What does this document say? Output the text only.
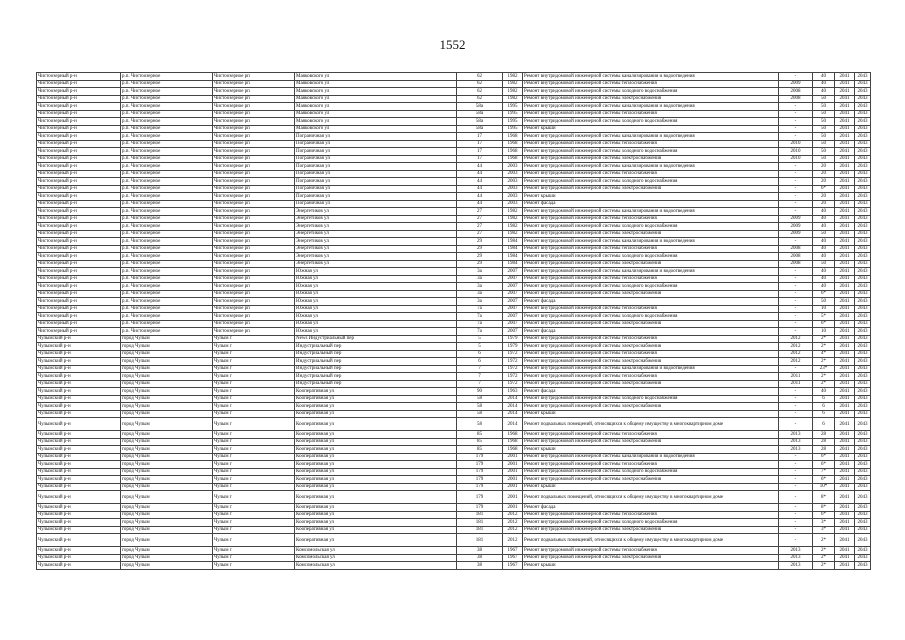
1552
Чистоозерный р-н	р.п. Чистоозерное	Чистоозерное рп	Маяковского ул	62	1982	Ремонт внутридомовой инженерной системы канализирования и водоотведения	-	40	2041	2043
Чистоозерный р-н	р.п. Чистоозерное	Чистоозерное рп	Маяковского ул	62	1982	Ремонт внутридомовой инженерной системы теплоснабжения	2009	40	2041	2043
Чистоозерный р-н	р.п. Чистоозерное	Чистоозерное рп	Маяковского ул	62	1982	Ремонт внутридомовой инженерной системы холодного водоснабжения	2008	40	2041	2043
Чистоозерный р-н	р.п. Чистоозерное	Чистоозерное рп	Маяковского ул	62	1982	Ремонт внутридомовой инженерной системы электроснабжения	2008	50	2041	2043
Чистоозерный р-н	р.п. Чистоозерное	Чистоозерное рп	Маяковского ул	58а	1995	Ремонт внутридомовой инженерной системы канализирования и водоотведения	-	50	2041	2043
Чистоозерный р-н	р.п. Чистоозерное	Чистоозерное рп	Маяковского ул	58а	1995	Ремонт внутридомовой инженерной системы теплоснабжения	-	50	2041	2043
Чистоозерный р-н	р.п. Чистоозерное	Чистоозерное рп	Маяковского ул	58а	1995	Ремонт внутридомовой инженерной системы холодного водоснабжения	-	50	2041	2043
Чистоозерный р-н	р.п. Чистоозерное	Чистоозерное рп	Маяковского ул	58а	1995	Ремонт крыши	-	50	2041	2043
Чистоозерный р-н	р.п. Чистоозерное	Чистоозерное рп	Пограничная ул	17	1968	Ремонт внутридомовой инженерной системы канализирования и водоотведения	-	50	2041	2043
Чистоозерный р-н	р.п. Чистоозерное	Чистоозерное рп	Пограничная ул	17	1968	Ремонт внутридомовой инженерной системы теплоснабжения	2010	50	2041	2043
Чистоозерный р-н	р.п. Чистоозерное	Чистоозерное рп	Пограничная ул	17	1968	Ремонт внутридомовой инженерной системы холодного водоснабжения	2010	50	2041	2043
Чистоозерный р-н	р.п. Чистоозерное	Чистоозерное рп	Пограничная ул	17	1968	Ремонт внутридомовой инженерной системы электроснабжения	2010	50	2041	2043
Чистоозерный р-н	р.п. Чистоозерное	Чистоозерное рп	Пограничная ул	44	2003	Ремонт внутридомовой инженерной системы канализирования и водоотведения	-	20	2041	2043
Чистоозерный р-н	р.п. Чистоозерное	Чистоозерное рп	Пограничная ул	44	2003	Ремонт внутридомовой инженерной системы теплоснабжения	-	20	2041	2043
Чистоозерный р-н	р.п. Чистоозерное	Чистоозерное рп	Пограничная ул	44	2003	Ремонт внутридомовой инженерной системы холодного водоснабжения	-	20	2041	2043
Чистоозерный р-н	р.п. Чистоозерное	Чистоозерное рп	Пограничная ул	44	2003	Ремонт внутридомовой инженерной системы электроснабжения	-	6*	2041	2043
Чистоозерный р-н	р.п. Чистоозерное	Чистоозерное рп	Пограничная ул	44	2003	Ремонт крыши	-	20	2041	2043
Чистоозерный р-н	р.п. Чистоозерное	Чистоозерное рп	Пограничная ул	44	2003	Ремонт фасада	-	20	2041	2043
Чистоозерный р-н	р.п. Чистоозерное	Чистоозерное рп	Энергетиков ул	27	1982	Ремонт внутридомовой инженерной системы канализирования и водоотведения	-	40	2041	2043
Чистоозерный р-н	р.п. Чистоозерное	Чистоозерное рп	Энергетиков ул	27	1982	Ремонт внутридомовой инженерной системы теплоснабжения	2009	40	2041	2043
Чистоозерный р-н	р.п. Чистоозерное	Чистоозерное рп	Энергетиков ул	27	1982	Ремонт внутридомовой инженерной системы холодного водоснабжения	2009	40	2041	2043
Чистоозерный р-н	р.п. Чистоозерное	Чистоозерное рп	Энергетиков ул	27	1982	Ремонт внутридомовой инженерной системы электроснабжения	2009	50	2041	2043
Чистоозерный р-н	р.п. Чистоозерное	Чистоозерное рп	Энергетиков ул	29	1984	Ремонт внутридомовой инженерной системы канализирования и водоотведения	-	40	2041	2043
Чистоозерный р-н	р.п. Чистоозерное	Чистоозерное рп	Энергетиков ул	29	1984	Ремонт внутридомовой инженерной системы теплоснабжения	2008	40	2041	2043
Чистоозерный р-н	р.п. Чистоозерное	Чистоозерное рп	Энергетиков ул	29	1984	Ремонт внутридомовой инженерной системы холодного водоснабжения	2008	40	2041	2043
Чистоозерный р-н	р.п. Чистоозерное	Чистоозерное рп	Энергетиков ул	29	1984	Ремонт внутридомовой инженерной системы электроснабжения	2008	50	2041	2043
Чистоозерный р-н	р.п. Чистоозерное	Чистоозерное рп	Южная ул	3а	2007	Ремонт внутридомовой инженерной системы канализирования и водоотведения	-	40	2041	2043
Чистоозерный р-н	р.п. Чистоозерное	Чистоозерное рп	Южная ул	3а	2007	Ремонт внутридомовой инженерной системы теплоснабжения	-	40	2041	2043
Чистоозерный р-н	р.п. Чистоозерное	Чистоозерное рп	Южная ул	3а	2007	Ремонт внутридомовой инженерной системы холодного водоснабжения	-	40	2041	2043
Чистоозерный р-н	р.п. Чистоозерное	Чистоозерное рп	Южная ул	3а	2007	Ремонт внутридомовой инженерной системы электроснабжения	-	6*	2041	2043
Чистоозерный р-н	р.п. Чистоозерное	Чистоозерное рп	Южная ул	3а	2007	Ремонт фасада	-	50	2041	2043
Чистоозерный р-н	р.п. Чистоозерное	Чистоозерное рп	Южная ул	7а	2007	Ремонт внутридомовой инженерной системы теплоснабжения	-	10	2041	2043
Чистоозерный р-н	р.п. Чистоозерное	Чистоозерное рп	Южная ул	7а	2007	Ремонт внутридомовой инженерной системы холодного водоснабжения	-	5*	2041	2043
Чистоозерный р-н	р.п. Чистоозерное	Чистоозерное рп	Южная ул	7а	2007	Ремонт внутридомовой инженерной системы электроснабжения	-	6*	2041	2043
Чистоозерный р-н	р.п. Чистоозерное	Чистоозерное рп	Южная ул	7а	2007	Ремонт фасада	-	10	2041	2043
Чулымский р-н	город Чулым	Чулым г	News Индустриальный пер	5	1979	Ремонт внутридомовой инженерной системы теплоснабжения	2012	2*	2041	2043
Чулымский р-н	город Чулым	Чулым г	Индустриальный пер	5	1979	Ремонт внутридомовой инженерной системы электроснабжения	2012	2*	2041	2043
Чулымский р-н	город Чулым	Чулым г	Индустриальный пер	6	1972	Ремонт внутридомовой инженерной системы теплоснабжения	2012	4*	2041	2043
Чулымский р-н	город Чулым	Чулым г	Индустриальный пер	6	1972	Ремонт внутридомовой инженерной системы электроснабжения	2012	2*	2041	2043
Чулымский р-н	город Чулым	Чулым г	Индустриальный пер	7	1972	Ремонт внутридомовой инженерной системы канализирования и водоотведения	-	23*	2041	2043
Чулымский р-н	город Чулым	Чулым г	Индустриальный пер	7	1972	Ремонт внутридомовой инженерной системы теплоснабжения	2011	2*	2041	2043
Чулымский р-н	город Чулым	Чулым г	Индустриальный пер	7	1972	Ремонт внутридомовой инженерной системы электроснабжения	2011	2*	2041	2043
Чулымский р-н	город Чулым	Чулым г	Кооперативная ул	90	1963	Ремонт фасада	-	40	2041	2043
Чулымский р-н	город Чулым	Чулым г	Кооперативная ул	58	2014	Ремонт внутридомовой инженерной системы холодного водоснабжения	-	6	2041	2043
Чулымский р-н	город Чулым	Чулым г	Кооперативная ул	58	2014	Ремонт внутридомовой инженерной системы электроснабжения	-	6	2041	2043
Чулымский р-н	город Чулым	Чулым г	Кооперативная ул	58	2014	Ремонт крыши	-	6	2041	2043
Чулымский р-н	город Чулым	Чулым г	Кооперативная ул	58	2014	Ремонт подвальных помещений, относящихся к общему имуществу в многоквартирном доме	-	6	2041	2043
Чулымский р-н	город Чулым	Чулым г	Кооперативная ул	85	1968	Ремонт внутридомовой инженерной системы теплоснабжения	2013	28	2041	2043
Чулымский р-н	город Чулым	Чулым г	Кооперативная ул	85	1968	Ремонт внутридомовой инженерной системы электроснабжения	2013	28	2041	2043
Чулымский р-н	город Чулым	Чулым г	Кооперативная ул	85	1968	Ремонт крыши	2013	28	2041	2043
Чулымский р-н	город Чулым	Чулым г	Кооперативная ул	179	2001	Ремонт внутридомовой инженерной системы канализирования и водоотведения	-	6*	2041	2043
Чулымский р-н	город Чулым	Чулым г	Кооперативная ул	179	2001	Ремонт внутридомовой инженерной системы теплоснабжения	-	6*	2041	2043
Чулымский р-н	город Чулым	Чулым г	Кооперативная ул	179	2001	Ремонт внутридомовой инженерной системы холодного водоснабжения	-	7*	2041	2043
Чулымский р-н	город Чулым	Чулым г	Кооперативная ул	179	2001	Ремонт внутридомовой инженерной системы электроснабжения	-	6*	2041	2043
Чулымский р-н	город Чулым	Чулым г	Кооперативная ул	179	2001	Ремонт крыши	-	10*	2041	2043
Чулымский р-н	город Чулым	Чулым г	Кооперативная ул	179	2001	Ремонт подвальных помещений, относящихся к общему имуществу в многоквартирном доме	-	8*	2041	2043
Чулымский р-н	город Чулым	Чулым г	Кооперативная ул	179	2001	Ремонт фасада	-	8*	2041	2043
Чулымский р-н	город Чулым	Чулым г	Кооперативная ул	181	2012	Ремонт внутридомовой инженерной системы теплоснабжения	-	6*	2041	2043
Чулымский р-н	город Чулым	Чулым г	Кооперативная ул	181	2012	Ремонт внутридомовой инженерной системы холодного водоснабжения	-	3*	2041	2043
Чулымский р-н	город Чулым	Чулым г	Кооперативная ул	181	2012	Ремонт внутридомовой инженерной системы электроснабжения	-	3*	2041	2043
Чулымский р-н	город Чулым	Чулым г	Кооперативная ул	181	2012	Ремонт подвальных помещений, относящихся к общему имуществу в многоквартирном доме	-	2*	2041	2043
Чулымский р-н	город Чулым	Чулым г	Комсомольская ул	38	1967	Ремонт внутридомовой инженерной системы теплоснабжения	2013	2*	2041	2043
Чулымский р-н	город Чулым	Чулым г	Комсомольская ул	38	1967	Ремонт внутридомовой инженерной системы электроснабжения	2013	2*	2041	2043
Чулымский р-н	город Чулым	Чулым г	Комсомольская ул	38	1967	Ремонт крыши	2013	2*	2041	2043
